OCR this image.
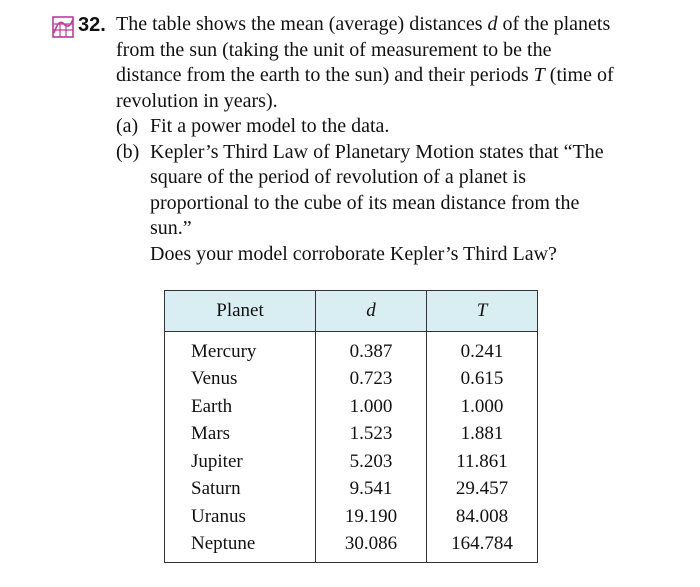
32. The table shows the mean (average) distances d of the planets from the sun (taking the unit of measurement to be the distance from the earth to the sun) and their periods T (time of revolution in years).

(a) Fit a power model to the data.

(b) Kepler’s Third Law of Planetary Motion states that “The square of the period of revolution of a planet is proportional to the cube of its mean distance from the sun.”

Does your model corroborate Kepler’s Third Law?

Planet	d	T
Mercury	0.387	0.241
Venus	0.723	0.615
Earth	1.000	1.000
Mars	1.523	1.881
Jupiter	5.203	11.861
Saturn	9.541	29.457
Uranus	19.190	84.008
Neptune	30.086	164.784
